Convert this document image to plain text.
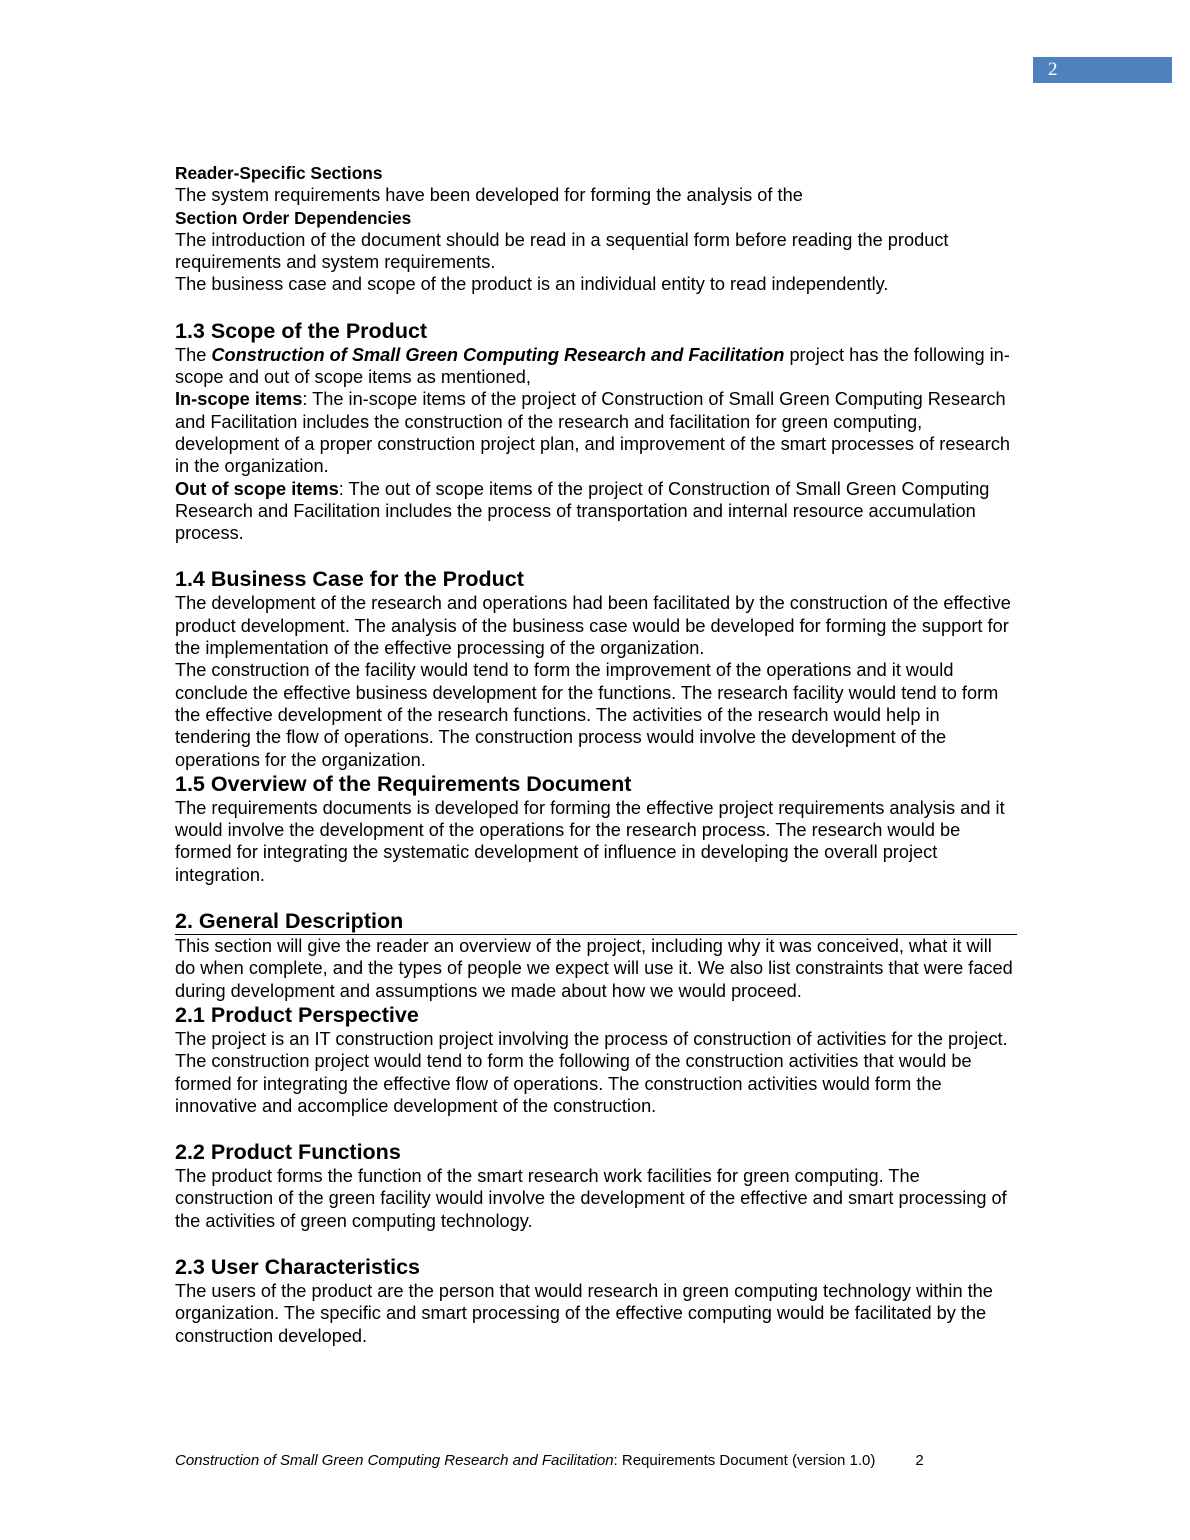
2

Reader-Specific Sections

The system requirements have been developed for forming the analysis of the

Section Order Dependencies

The introduction of the document should be read in a sequential form before reading the product requirements and system requirements.

The business case and scope of the product is an individual entity to read independently.

1.3 Scope of the Product

The Construction of Small Green Computing Research and Facilitation project has the following in-scope and out of scope items as mentioned,

In-scope items: The in-scope items of the project of Construction of Small Green Computing Research and Facilitation includes the construction of the research and facilitation for green computing, development of a proper construction project plan, and improvement of the smart processes of research in the organization.

Out of scope items: The out of scope items of the project of Construction of Small Green Computing Research and Facilitation includes the process of transportation and internal resource accumulation process.

1.4 Business Case for the Product

The development of the research and operations had been facilitated by the construction of the effective product development. The analysis of the business case would be developed for forming the support for the implementation of the effective processing of the organization.

The construction of the facility would tend to form the improvement of the operations and it would conclude the effective business development for the functions. The research facility would tend to form the effective development of the research functions. The activities of the research would help in tendering the flow of operations. The construction process would involve the development of the operations for the organization.

1.5 Overview of the Requirements Document

The requirements documents is developed for forming the effective project requirements analysis and it would involve the development of the operations for the research process. The research would be formed for integrating the systematic development of influence in developing the overall project integration.

2. General Description

This section will give the reader an overview of the project, including why it was conceived, what it will do when complete, and the types of people we expect will use it. We also list constraints that were faced during development and assumptions we made about how we would proceed.

2.1 Product Perspective

The project is an IT construction project involving the process of construction of activities for the project. The construction project would tend to form the following of the construction activities that would be formed for integrating the effective flow of operations. The construction activities would form the innovative and accomplice development of the construction.

2.2 Product Functions

The product forms the function of the smart research work facilities for green computing. The construction of the green facility would involve the development of the effective and smart processing of the activities of green computing technology.

2.3 User Characteristics

The users of the product are the person that would research in green computing technology within the organization. The specific and smart processing of the effective computing would be facilitated by the construction developed.

Construction of Small Green Computing Research and Facilitation: Requirements Document (version 1.0)	2
